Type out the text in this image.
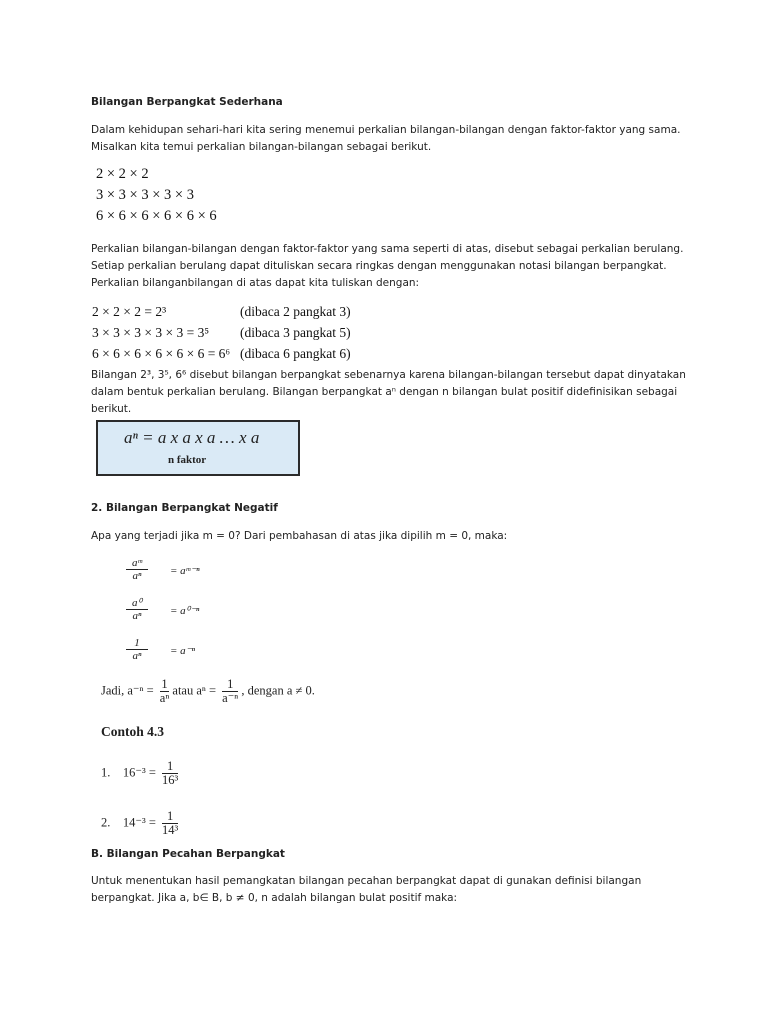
Bilangan Berpangkat Sederhana
Dalam kehidupan sehari-hari kita sering menemui perkalian bilangan-bilangan dengan faktor-faktor yang sama.
Misalkan kita temui perkalian bilangan-bilangan sebagai berikut.
2 × 2 × 2
3 × 3 × 3 × 3 × 3
6 × 6 × 6 × 6 × 6 × 6
Perkalian bilangan-bilangan dengan faktor-faktor yang sama seperti di atas, disebut sebagai perkalian berulang.
Setiap perkalian berulang dapat dituliskan secara ringkas dengan menggunakan notasi bilangan berpangkat.
Perkalian bilanganbilangan di atas dapat kita tuliskan dengan:
2 × 2 × 2 = 2³	(dibaca 2 pangkat 3)
3 × 3 × 3 × 3 × 3 = 3⁵ (dibaca 3 pangkat 5)
6 × 6 × 6 × 6 × 6 × 6 = 6⁶ (dibaca 6 pangkat 6)
Bilangan 2³, 3⁵, 6⁶ disebut bilangan berpangkat sebenarnya karena bilangan-bilangan tersebut dapat dinyatakan
dalam bentuk perkalian berulang. Bilangan berpangkat aⁿ dengan n bilangan bulat positif didefinisikan sebagai
berikut.
aⁿ = a x a x a … x a
n faktor
2. Bilangan Berpangkat Negatif
Apa yang terjadi jika m = 0? Dari pembahasan di atas jika dipilih m = 0, maka:
$\frac{\text{aᵐ}}{\text{aⁿ}}$ = aᵐ⁻ⁿ
$\frac{\text{a⁰}}{\text{aⁿ}} = a^{0-n}$
$\frac{1}{\text{aⁿ}} = a^{-n}$
Jadi, $a^{-n} = \frac{1}{\text{aⁿ}}$ atau $a^n = \frac{1}{\text{a⁻ⁿ}}$ , dengan a ≠ 0.
Contoh 4.3
1. $16^{-3} = \frac{1}{\text{16³}}$
2. $14^{-3} = \frac{1}{\text{14³}}$
B. Bilangan Pecahan Berpangkat
Untuk menentukan hasil pemangkatan bilangan pecahan berpangkat dapat di gunakan definisi bilangan
berpangkat. Jika a, b∈ B, b ≠ 0, n adalah bilangan bulat positif maka:
